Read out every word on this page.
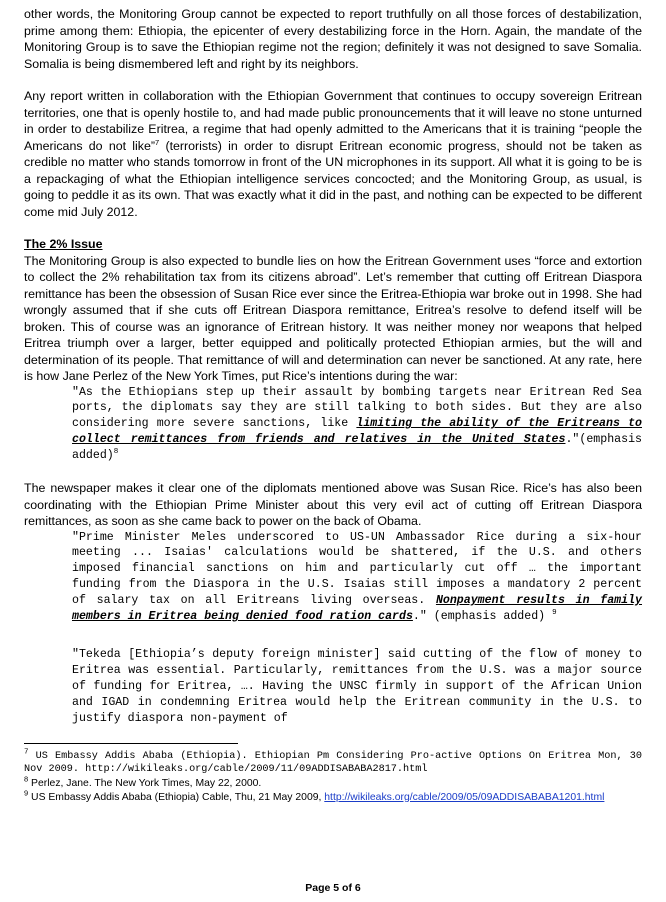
other words, the Monitoring Group cannot be expected to report truthfully on all those forces of destabilization, prime among them: Ethiopia, the epicenter of every destabilizing force in the Horn. Again, the mandate of the Monitoring Group is to save the Ethiopian regime not the region; definitely it was not designed to save Somalia. Somalia is being dismembered left and right by its neighbors.

Any report written in collaboration with the Ethiopian Government that continues to occupy sovereign Eritrean territories, one that is openly hostile to, and had made public pronouncements that it will leave no stone unturned in order to destabilize Eritrea, a regime that had openly admitted to the Americans that it is training “people the Americans do not like”$^7$ (terrorists) in order to disrupt Eritrean economic progress, should not be taken as credible no matter who stands tomorrow in front of the UN microphones in its support. All what it is going to be is a repackaging of what the Ethiopian intelligence services concocted; and the Monitoring Group, as usual, is going to peddle it as its own. That was exactly what it did in the past, and nothing can be expected to be different come mid July 2012.

The 2% Issue

The Monitoring Group is also expected to bundle lies on how the Eritrean Government uses “force and extortion to collect the 2% rehabilitation tax from its citizens abroad”. Let’s remember that cutting off Eritrean Diaspora remittance has been the obsession of Susan Rice ever since the Eritrea-Ethiopia war broke out in 1998. She had wrongly assumed that if she cuts off Eritrean Diaspora remittance, Eritrea’s resolve to defend itself will be broken. This of course was an ignorance of Eritrean history. It was neither money nor weapons that helped Eritrea triumph over a larger, better equipped and politically protected Ethiopian armies, but the will and determination of its people. That remittance of will and determination can never be sanctioned. At any rate, here is how Jane Perlez of the New York Times, put Rice’s intentions during the war:

"As the Ethiopians step up their assault by bombing targets near Eritrean Red Sea ports, the diplomats say they are still talking to both sides. But they are also considering more severe sanctions, like limiting the ability of the Eritreans to collect remittances from friends and relatives in the United States."(emphasis added)$^8$

The newspaper makes it clear one of the diplomats mentioned above was Susan Rice. Rice’s has also been coordinating with the Ethiopian Prime Minister about this very evil act of cutting off Eritrean Diaspora remittances, as soon as she came back to power on the back of Obama.

"Prime Minister Meles underscored to US-UN Ambassador Rice during a six-hour meeting ... Isaias' calculations would be shattered, if the U.S. and others imposed financial sanctions on him and particularly cut off … the important funding from the Diaspora in the U.S. Isaias still imposes a mandatory 2 percent of salary tax on all Eritreans living overseas. Nonpayment results in family members in Eritrea being denied food ration cards." (emphasis added) $^9$
"Tekeda [Ethiopia’s deputy foreign minister] said cutting of the flow of money to Eritrea was essential. Particularly, remittances from the U.S. was a major source of funding for Eritrea, …. Having the UNSC firmly in support of the African Union and IGAD in condemning Eritrea would help the Eritrean community in the U.S. to justify diaspora non-payment of

$^7$ US Embassy Addis Ababa (Ethiopia). Ethiopian Pm Considering Pro-active Options On Eritrea Mon, 30 Nov 2009. http://wikileaks.org/cable/2009/11/09ADDISABABA2817.html

$^8$ Perlez, Jane. The New York Times, May 22, 2000.

$^9$ US Embassy Addis Ababa (Ethiopia) Cable, Thu, 21 May 2009, http://wikileaks.org/cable/2009/05/09ADDISABABA1201.html

Page 5 of 6
